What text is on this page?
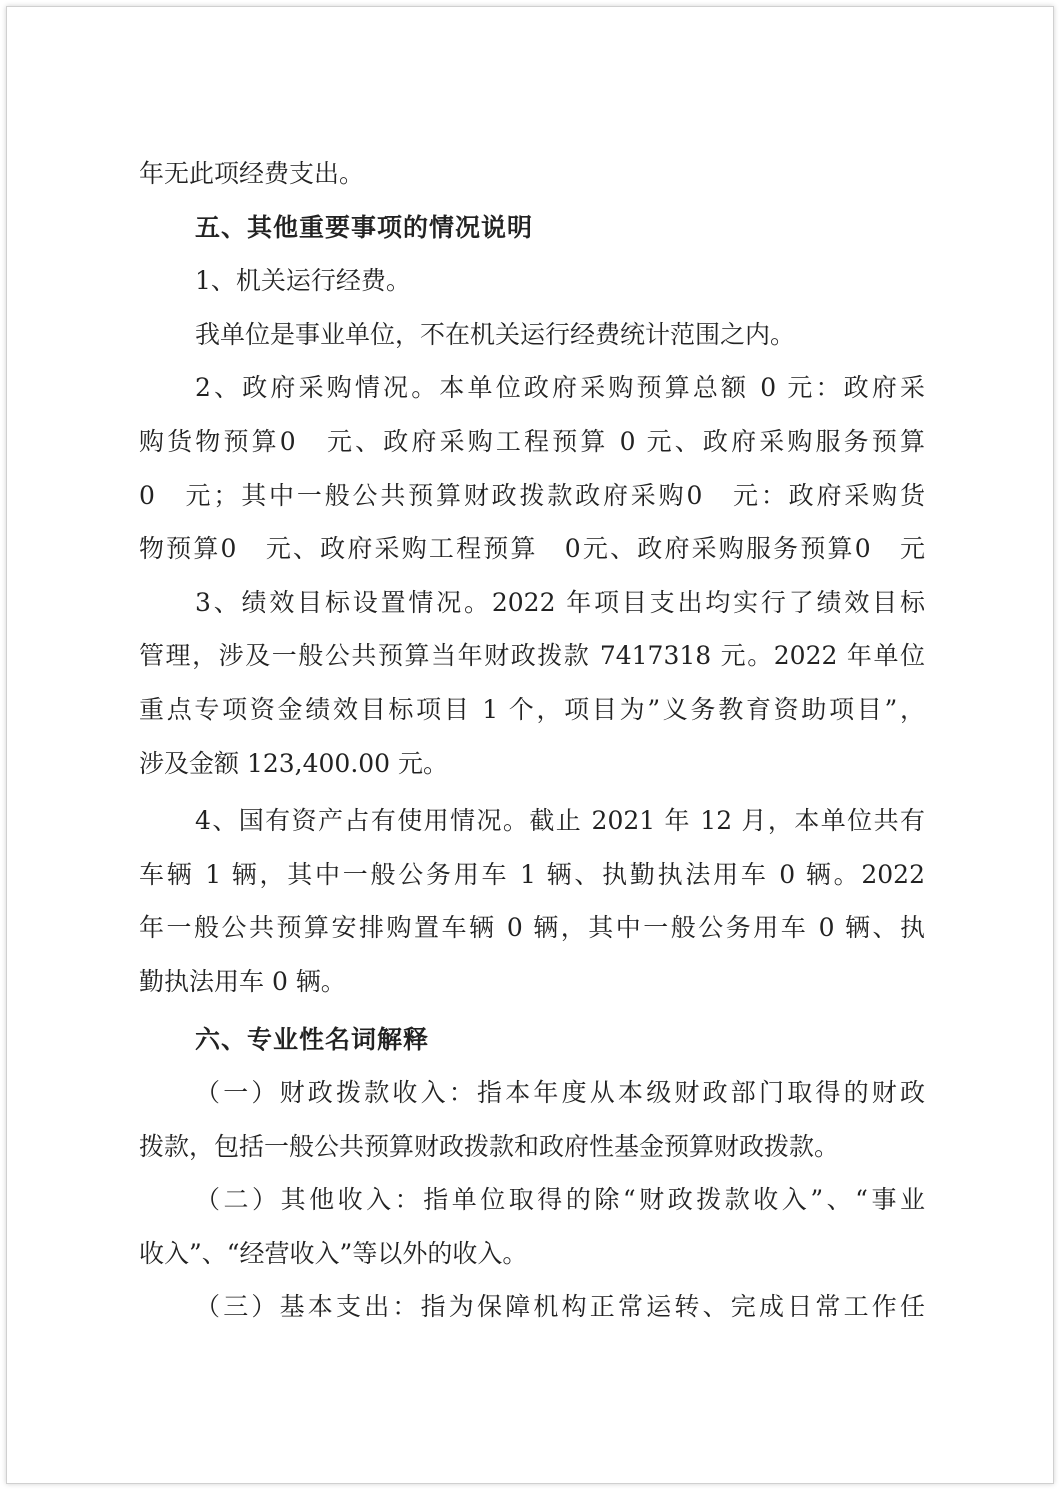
年无此项经费支出。
五、其他重要事项的情况说明
1、机关运行经费。
我单位是事业单位，不在机关运行经费统计范围之内。
2、政府采购情况。本单位政府采购预算总额 0 元：政府采
购货物预算0　元、政府采购工程预算 0 元、政府采购服务预算
0　元；其中一般公共预算财政拨款政府采购0　元：政府采购货
物预算0　元、政府采购工程预算　0元、政府采购服务预算0　元
3、绩效目标设置情况。2022 年项目支出均实行了绩效目标
管理，涉及一般公共预算当年财政拨款 7417318 元。2022 年单位
重点专项资金绩效目标项目 1 个，项目为”义务教育资助项目”，
涉及金额 123,400.00 元。
4、国有资产占有使用情况。截止 2021 年 12 月，本单位共有
车辆 1 辆，其中一般公务用车 1 辆、执勤执法用车 0 辆。2022
年一般公共预算安排购置车辆 0 辆，其中一般公务用车 0 辆、执
勤执法用车 0 辆。
六、专业性名词解释
（一）财政拨款收入：指本年度从本级财政部门取得的财政
拨款，包括一般公共预算财政拨款和政府性基金预算财政拨款。
（二）其他收入：指单位取得的除“财政拨款收入”、“事业
收入”、“经营收入”等以外的收入。
（三）基本支出：指为保障机构正常运转、完成日常工作任
